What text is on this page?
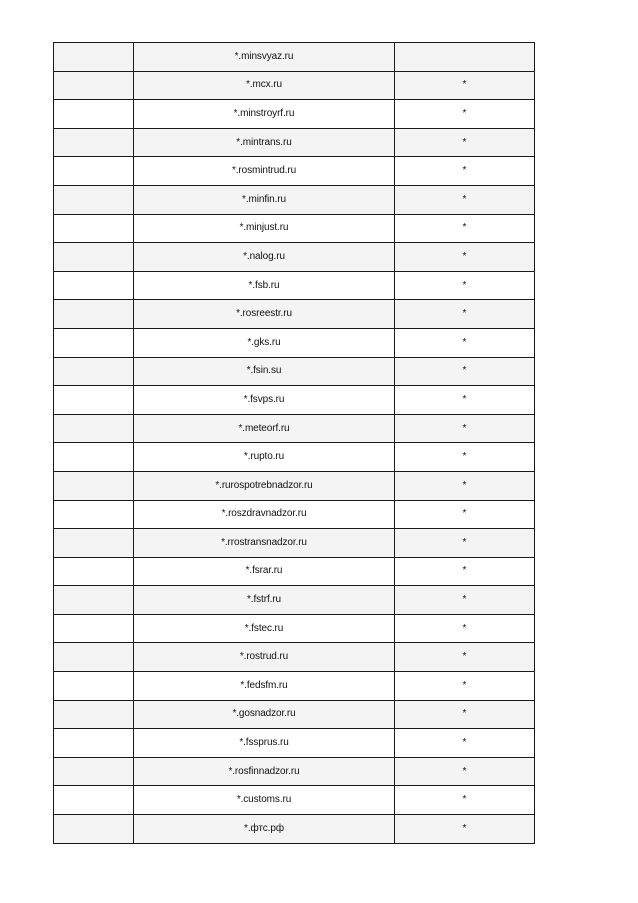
	*.minsvyaz.ru	
	*.mcx.ru	*
	*.minstroyrf.ru	*
	*.mintrans.ru	*
	*.rosmintrud.ru	*
	*.minfin.ru	*
	*.minjust.ru	*
	*.nalog.ru	*
	*.fsb.ru	*
	*.rosreestr.ru	*
	*.gks.ru	*
	*.fsin.su	*
	*.fsvps.ru	*
	*.meteorf.ru	*
	*.rupto.ru	*
	*.rurospotrebnadzor.ru	*
	*.roszdravnadzor.ru	*
	*.rrostransnadzor.ru	*
	*.fsrar.ru	*
	*.fstrf.ru	*
	*.fstec.ru	*
	*.rostrud.ru	*
	*.fedsfm.ru	*
	*.gosnadzor.ru	*
	*.fssprus.ru	*
	*.rosfinnadzor.ru	*
	*.customs.ru	*
	*.фтс.рф	*
